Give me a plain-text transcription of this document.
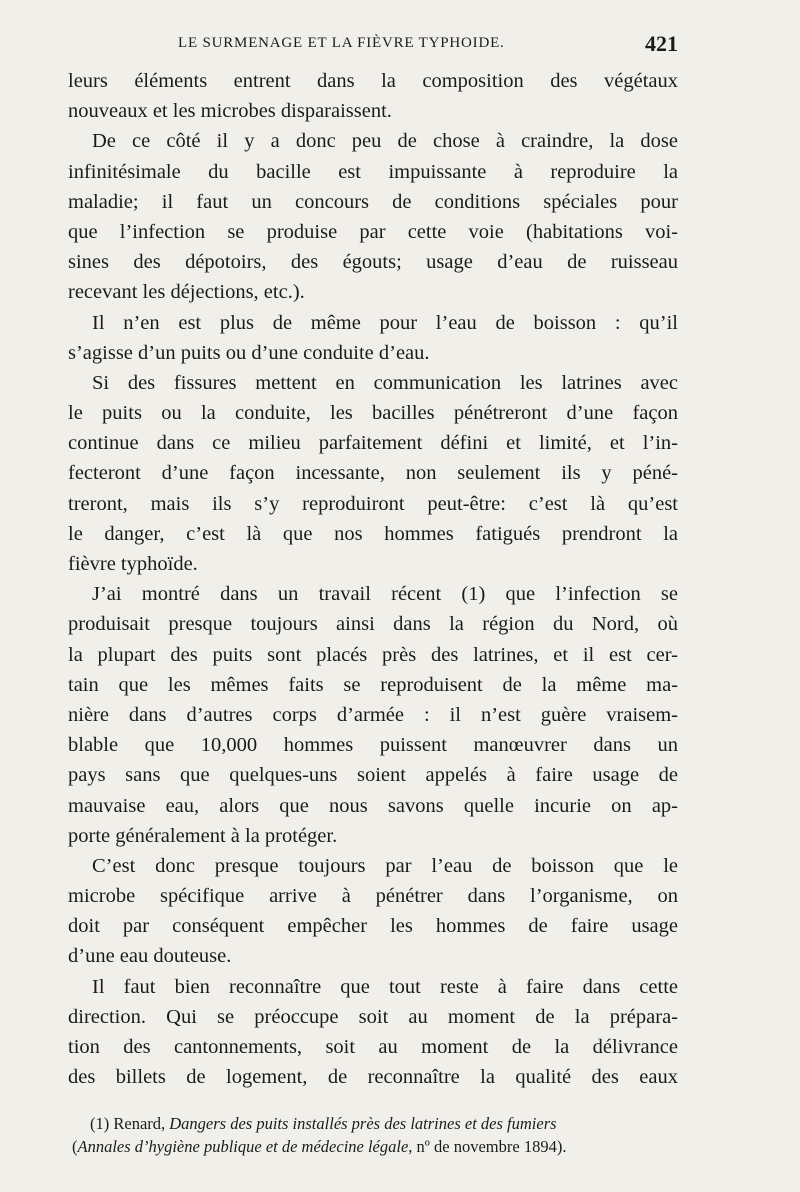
LE SURMENAGE ET LA FIÈVRE TYPHOIDE.	421
leurs éléments entrent dans la composition des végétaux
nouveaux et les microbes disparaissent.
De ce côté il y a donc peu de chose à craindre, la dose
infinitésimale du bacille est impuissante à reproduire la
maladie; il faut un concours de conditions spéciales pour
que l’infection se produise par cette voie (habitations voi-
sines des dépotoirs, des égouts; usage d’eau de ruisseau
recevant les déjections, etc.).
Il n’en est plus de même pour l’eau de boisson : qu’il
s’agisse d’un puits ou d’une conduite d’eau.
Si des fissures mettent en communication les latrines avec
le puits ou la conduite, les bacilles pénétreront d’une façon
continue dans ce milieu parfaitement défini et limité, et l’in-
fecteront d’une façon incessante, non seulement ils y péné-
treront, mais ils s’y reproduiront peut-être: c’est là qu’est
le danger, c’est là que nos hommes fatigués prendront la
fièvre typhoïde.
J’ai montré dans un travail récent (1) que l’infection se
produisait presque toujours ainsi dans la région du Nord, où
la plupart des puits sont placés près des latrines, et il est cer-
tain que les mêmes faits se reproduisent de la même ma-
nière dans d’autres corps d’armée : il n’est guère vraisem-
blable que 10,000 hommes puissent manœuvrer dans un
pays sans que quelques-uns soient appelés à faire usage de
mauvaise eau, alors que nous savons quelle incurie on ap-
porte généralement à la protéger.
C’est donc presque toujours par l’eau de boisson que le
microbe spécifique arrive à pénétrer dans l’organisme, on
doit par conséquent empêcher les hommes de faire usage
d’une eau douteuse.
Il faut bien reconnaître que tout reste à faire dans cette
direction. Qui se préoccupe soit au moment de la prépara-
tion des cantonnements, soit au moment de la délivrance
des billets de logement, de reconnaître la qualité des eaux
(1) Renard, Dangers des puits installés près des latrines et des fumiers
(Annales d’hygiène publique et de médecine légale, nº de novembre 1894).
